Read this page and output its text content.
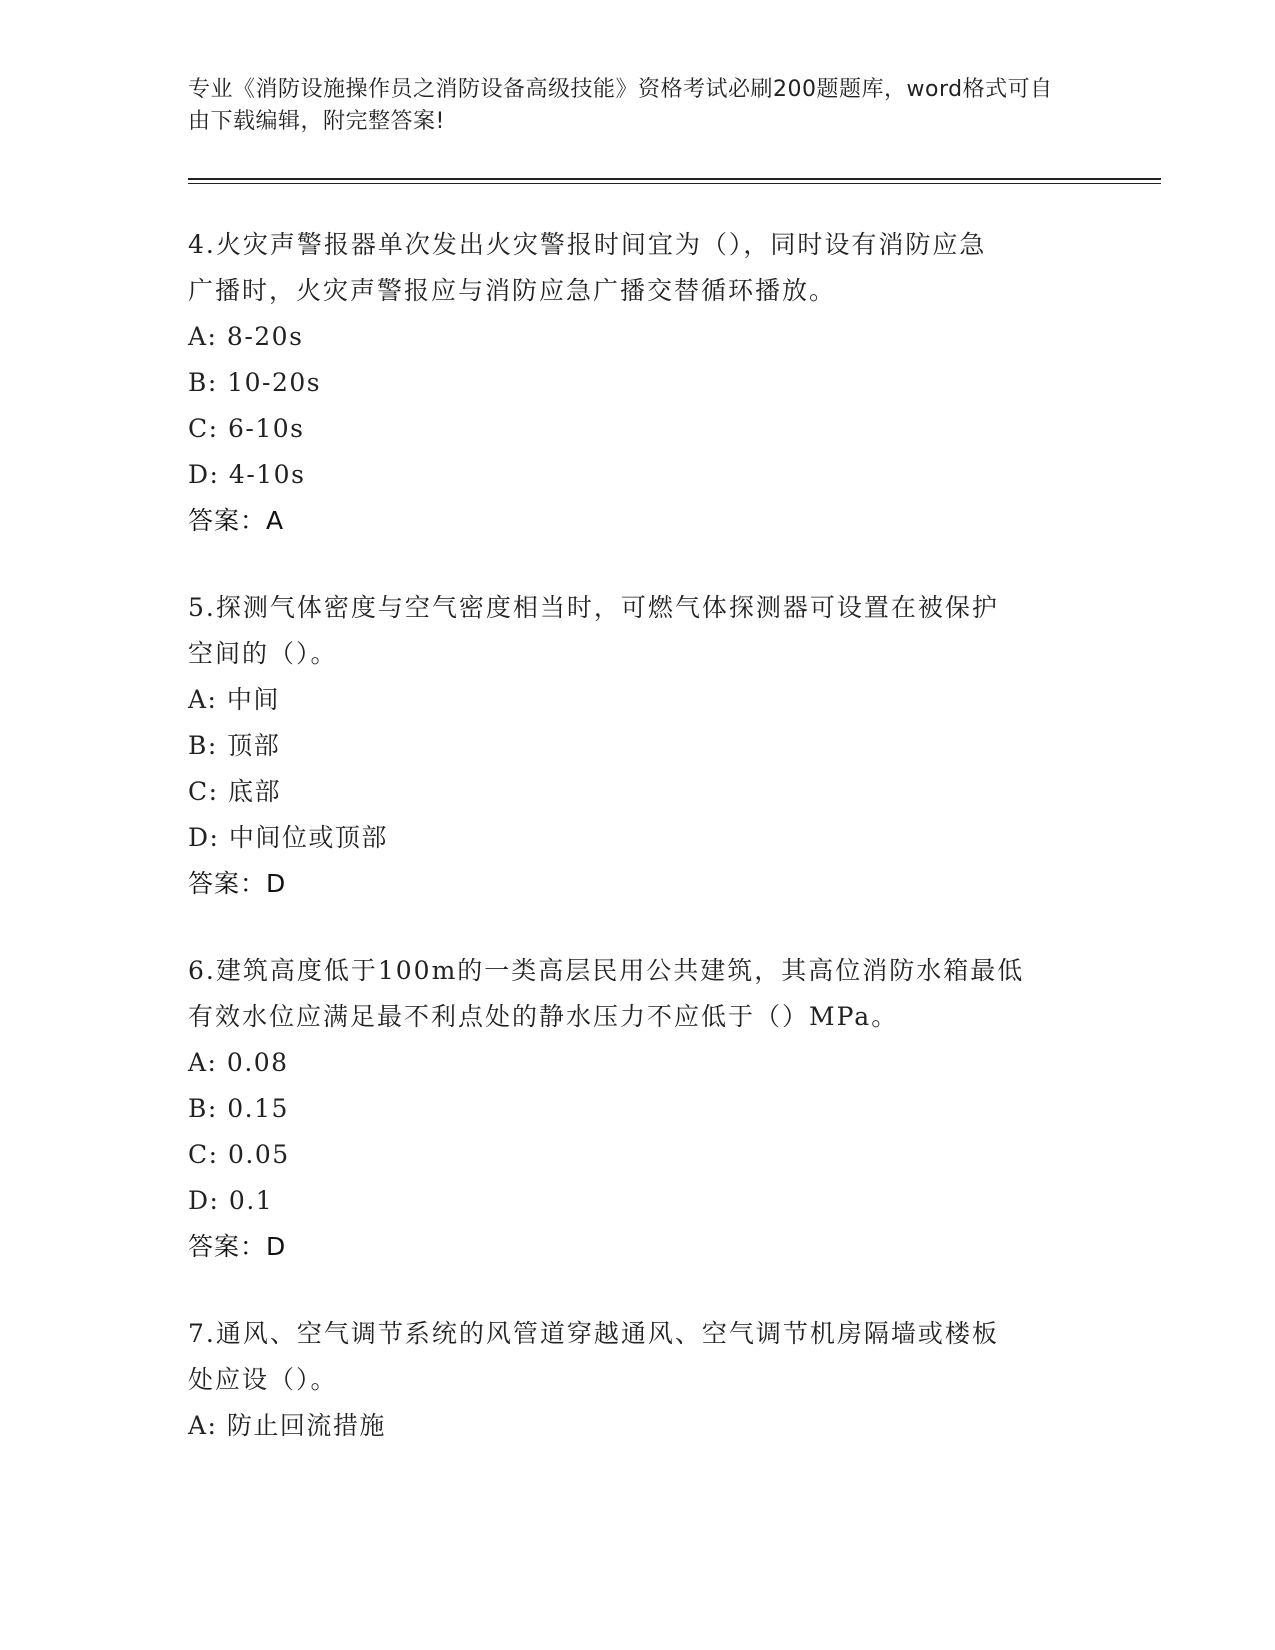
专业《消防设施操作员之消防设备高级技能》资格考试必刷200题题库，word格式可自由下载编辑，附完整答案!

4.火灾声警报器单次发出火灾警报时间宜为（），同时设有消防应急

广播时，火灾声警报应与消防应急广播交替循环播放。

A: 8-20s

B: 10-20s

C: 6-10s

D: 4-10s

答案：A

5.探测气体密度与空气密度相当时，可燃气体探测器可设置在被保护

空间的（）。

A: 中间

B: 顶部

C: 底部

D: 中间位或顶部

答案：D

6.建筑高度低于100m的一类高层民用公共建筑，其高位消防水箱最低

有效水位应满足最不利点处的静水压力不应低于（）MPa。

A: 0.08

B: 0.15

C: 0.05

D: 0.1

答案：D

7.通风、空气调节系统的风管道穿越通风、空气调节机房隔墙或楼板

处应设（）。

A: 防止回流措施
